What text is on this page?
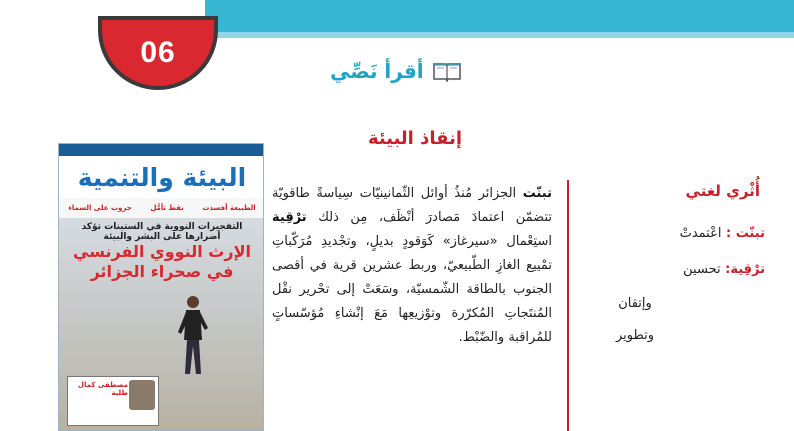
06
أقرأ نَصِّي
إنقاذ البيئة
البيئة والتنمية
الطبيعة أفسدت
نقط تأمُّل
حروب على السماء
التفجيرات النووية في الستينات تؤكد أضرارها على البشر والبيئة
الإرث النووي الفرنسي
في صحراء الجزائر
مصطفى كمال طلبة
تبنّت الجزائر مُنذُ أوائل الثّمانينيّات سِياسةً طاقويّة تتضمّن اعتمادَ مَصادرَ أنْظَف، مِن ذلك ترْقِية استِعْمال «سيرغاز» كَوَقودٍ بديلٍ، وتجْديدِ مُرَكّباتِ تمْييع الغازِ الطّبيعيّ، وربط عشرين قرية في أقصى الجنوب بالطاقة الشّمسيّة، وسَعَتْ إلى تحْرير نقْل المُنتَجاتِ المُكرّرة وتوْزيعِها مَعَ إنْشاءِ مُؤسّساتٍ للمُراقبة والضّبْط.
أُثْري لغتي
تبنّت : اعْتمدتْ
ترْقِية: تحسين
وإتقان
وتطوير
